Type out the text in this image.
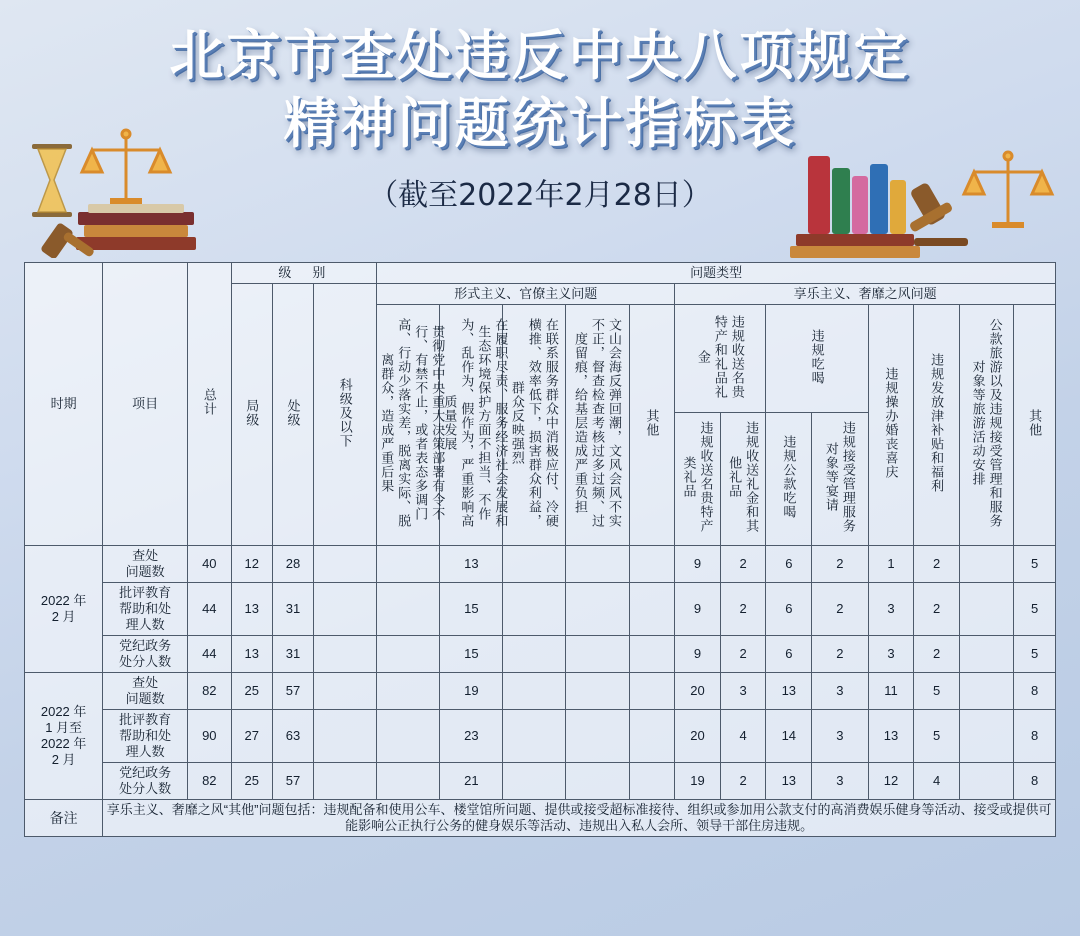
北京市查处违反中央八项规定
精神问题统计指标表
（截至2022年2月28日）
时期	项目	总计	级　别			问题类型												
			局级	处级	科级及以下	形式主义、官僚主义问题					享乐主义、奢靡之风问题							
						贯彻党中央重大决策部署有令不行、有禁不止，或者表态多调门高、行动少落实差，脱离实际、脱离群众，造成严重后果	在履职尽责、服务经济社会发展和生态环境保护方面不担当、不作为、乱作为、假作为，严重影响高质量发展	在联系服务群众中消极应付、冷硬横推、效率低下，损害群众利益，群众反映强烈	文山会海反弹回潮，文风会风不实不正，督查检查考核过多过频、过度留痕，给基层造成严重负担	其他	违规收送名贵特产和礼品礼金		违规吃喝		违规操办婚丧喜庆	违规发放津补贴和福利	公款旅游以及违规接受管理和服务对象等旅游活动安排	其他
											违规收送名贵特产类礼品	违规收送礼金和其他礼品	违规公款吃喝	违规接受管理服务对象等宴请				
2022 年
2 月	查处
问题数	40	12	28			13				9	2	6	2	1	2		5
	批评教育
帮助和处
理人数	44	13	31			15				9	2	6	2	3	2		5
	党纪政务
处分人数	44	13	31			15				9	2	6	2	3	2		5
2022 年
1 月至
2022 年
2 月	查处
问题数	82	25	57			19				20	3	13	3	11	5		8
	批评教育
帮助和处
理人数	90	27	63			23				20	4	14	3	13	5		8
	党纪政务
处分人数	82	25	57			21				19	2	13	3	12	4		8
备注	享乐主义、奢靡之风“其他”问题包括：违规配备和使用公车、楼堂馆所问题、提供或接受超标准接待、组织或参加用公款支付的高消费娱乐健身等活动、接受或提供可能影响公正执行公务的健身娱乐等活动、违规出入私人会所、领导干部住房违规。																	
